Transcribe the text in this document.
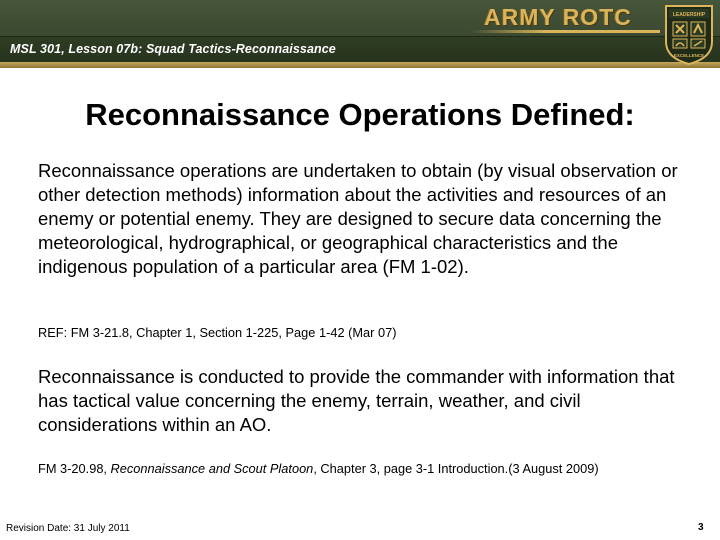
MSL 301, Lesson 07b: Squad Tactics-Reconnaissance
ARMY ROTC	LEADERSHIP
EXCELLENCE
Reconnaissance Operations Defined:
Reconnaissance operations are undertaken to obtain (by visual observation or other detection methods) information about the activities and resources of an enemy or potential enemy. They are designed to secure data concerning the meteorological, hydrographical, or geographical characteristics and the indigenous population of a particular area (FM 1-02).
REF: FM 3-21.8, Chapter 1, Section 1-225, Page 1-42 (Mar 07)
Reconnaissance is conducted to provide the commander with information that has tactical value concerning the enemy, terrain, weather, and civil considerations within an AO.
FM 3-20.98, Reconnaissance and Scout Platoon, Chapter 3, page 3-1 Introduction.(3 August 2009)
Revision Date: 31 July 2011	3
